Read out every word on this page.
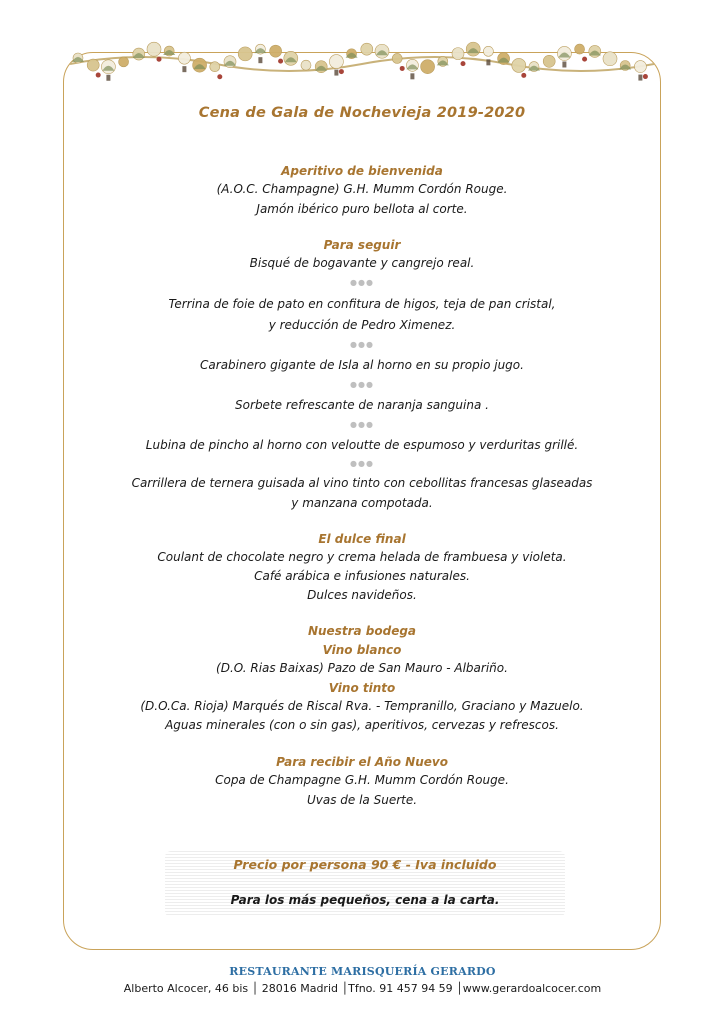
Cena de Gala de Nochevieja 2019-2020
Aperitivo de bienvenida
(A.O.C. Champagne) G.H. Mumm Cordón Rouge.
Jamón ibérico puro bellota al corte.
Para seguir
Bisqué de bogavante y cangrejo real.
●●●
Terrina de foie de pato en confitura de higos, teja de pan cristal,
y reducción de Pedro Ximenez.
●●●
Carabinero gigante de Isla al horno en su propio jugo.
●●●
Sorbete refrescante de naranja sanguina .
●●●
Lubina de pincho al horno con veloutte de espumoso y verduritas grillé.
●●●
Carrillera de ternera guisada al vino tinto con cebollitas francesas glaseadas
y manzana compotada.
El dulce final
Coulant de chocolate negro y crema helada de frambuesa y violeta.
Café arábica e infusiones naturales.
Dulces navideños.
Nuestra bodega
Vino blanco
(D.O. Rias Baixas) Pazo de San Mauro - Albariño.
Vino tinto
(D.O.Ca. Rioja) Marqués de Riscal Rva. - Tempranillo, Graciano y Mazuelo.
Aguas minerales (con o sin gas), aperitivos, cervezas y refrescos.
Para recibir el Año Nuevo
Copa de Champagne G.H. Mumm Cordón Rouge.
Uvas de la Suerte.
Precio por persona 90 € - Iva incluido
Para los más pequeños, cena a la carta.
RESTAURANTE MARISQUERÍA GERARDO
Alberto Alcocer, 46 bis │ 28016 Madrid │Tfno. 91 457 94 59 │www.gerardoalcocer.com
